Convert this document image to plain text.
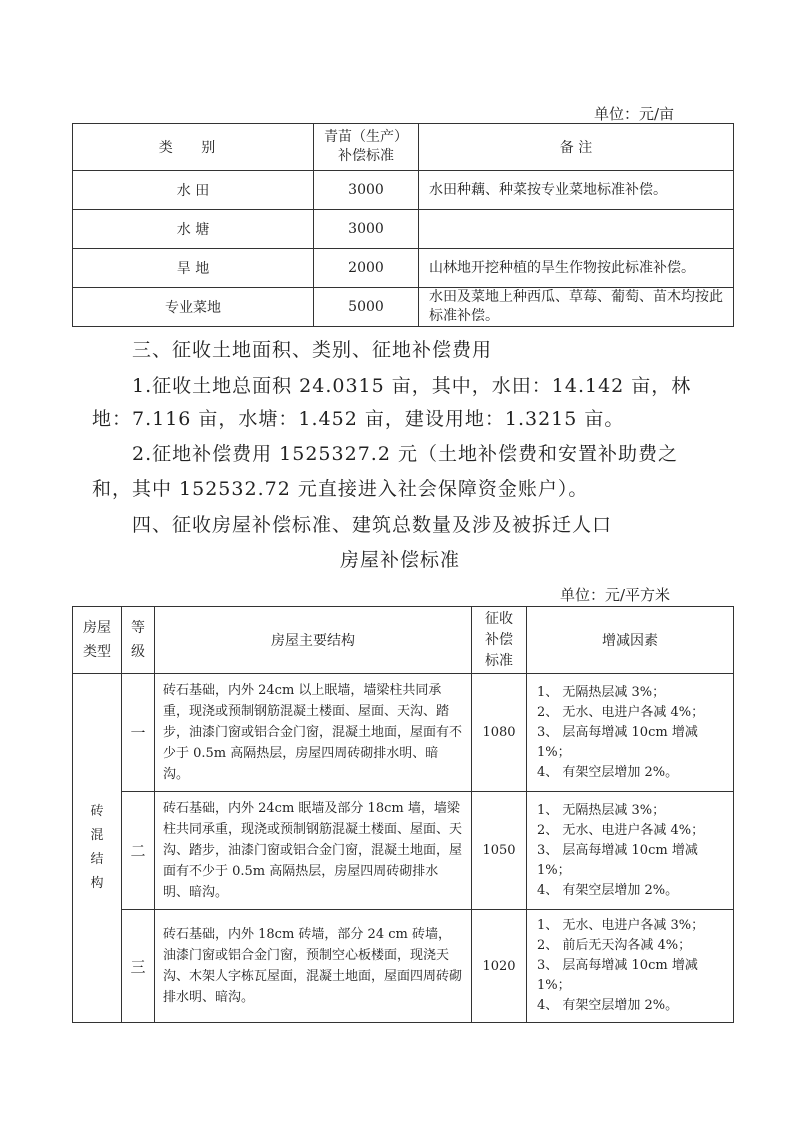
单位：元/亩
类 别	青苗（生产）补偿标准	备 注
水 田	3000	水田种藕、种菜按专业菜地标准补偿。
水 塘	3000	
旱 地	2000	山林地开挖种植的旱生作物按此标准补偿。
专业菜地	5000	水田及菜地上种西瓜、草莓、葡萄、苗木均按此标准补偿。
三、征收土地面积、类别、征地补偿费用
1.征收土地总面积 24.0315 亩，其中，水田：14.142 亩，林
地：7.116 亩，水塘：1.452 亩，建设用地：1.3215 亩。
2.征地补偿费用 1525327.2 元（土地补偿费和安置补助费之
和，其中 152532.72 元直接进入社会保障资金账户）。
四、征收房屋补偿标准、建筑总数量及涉及被拆迁人口
房屋补偿标准
单位：元/平方米
房屋类型	等级	房屋主要结构	征收补偿标准	增减因素
砖混结构	一	砖石基础，内外 24cm 以上眠墙，墙梁柱共同承重，现浇或预制钢筋混凝土楼面、屋面、天沟、踏步，油漆门窗或铝合金门窗，混凝土地面，屋面有不少于 0.5m 高隔热层，房屋四周砖砌排水明、暗沟。	1080	1、 无隔热层减 3%；
2、 无水、电进户各减 4%；
3、 层高每增减 10cm 增减 1%；
4、 有架空层增加 2%。

	二	砖石基础，内外 24cm 眠墙及部分 18cm 墙，墙梁柱共同承重，现浇或预制钢筋混凝土楼面、屋面、天沟、踏步，油漆门窗或铝合金门窗，混凝土地面，屋面有不少于 0.5m 高隔热层，房屋四周砖砌排水明、暗沟。	1050	1、 无隔热层减 3%；
2、 无水、电进户各减 4%；
3、 层高每增减 10cm 增减 1%；
4、 有架空层增加 2%。

	三	砖石基础，内外 18cm 砖墙，部分 24 cm 砖墙，油漆门窗或铝合金门窗，预制空心板楼面，现浇天沟、木架人字栋瓦屋面，混凝土地面，屋面四周砖砌排水明、暗沟。	1020	1、 无水、电进户各减 3%；
2、 前后无天沟各减 4%；
3、 层高每增减 10cm 增减 1%；
4、 有架空层增加 2%。
